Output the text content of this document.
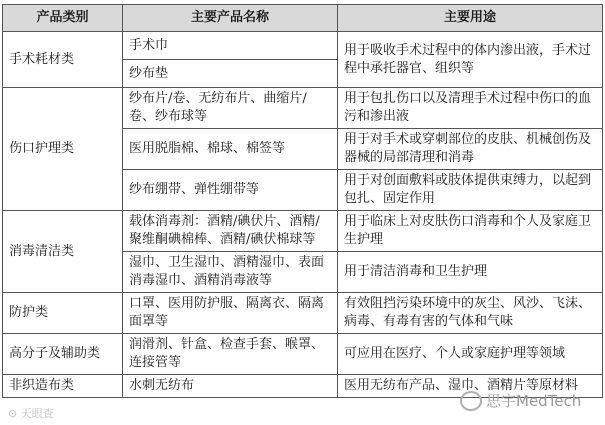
产品类别	主要产品名称	主要用途
手术耗材类	手术巾	用于吸收手术过程中的体内渗出液，手术过程中承托器官、组织等
	纱布垫	
伤口护理类	纱布片/卷、无纺布片、曲缩片/卷、纱布球等	用于包扎伤口以及清理手术过程中伤口的血污和渗出液
	医用脱脂棉、棉球、棉签等	用于对手术或穿刺部位的皮肤、机械创伤及器械的局部清理和消毒
	纱布绷带、弹性绷带等	用于对创面敷料或肢体提供束缚力，以起到包扎、固定作用
消毒清洁类	载体消毒剂：酒精/碘伏片、酒精/聚维酮碘棉棒、酒精/碘伏棉球等	用于临床上对皮肤伤口消毒和个人及家庭卫生护理
	湿巾、卫生湿巾、酒精湿巾、表面消毒湿巾、酒精消毒液等	用于清洁消毒和卫生护理
防护类	口罩、医用防护服、隔离衣、隔离面罩等	有效阻挡污染环境中的灰尘、风沙、飞沫、病毒、有毒有害的气体和气味
高分子及辅助类	润滑剂、针盒、检查手套、喉罩、连接管等	可应用在医疗、个人或家庭护理等领域
非织造布类	水刺无纺布	医用无纺布产品、湿巾、酒精片等原材料
⊙ 天眼查
思宇MedTech
